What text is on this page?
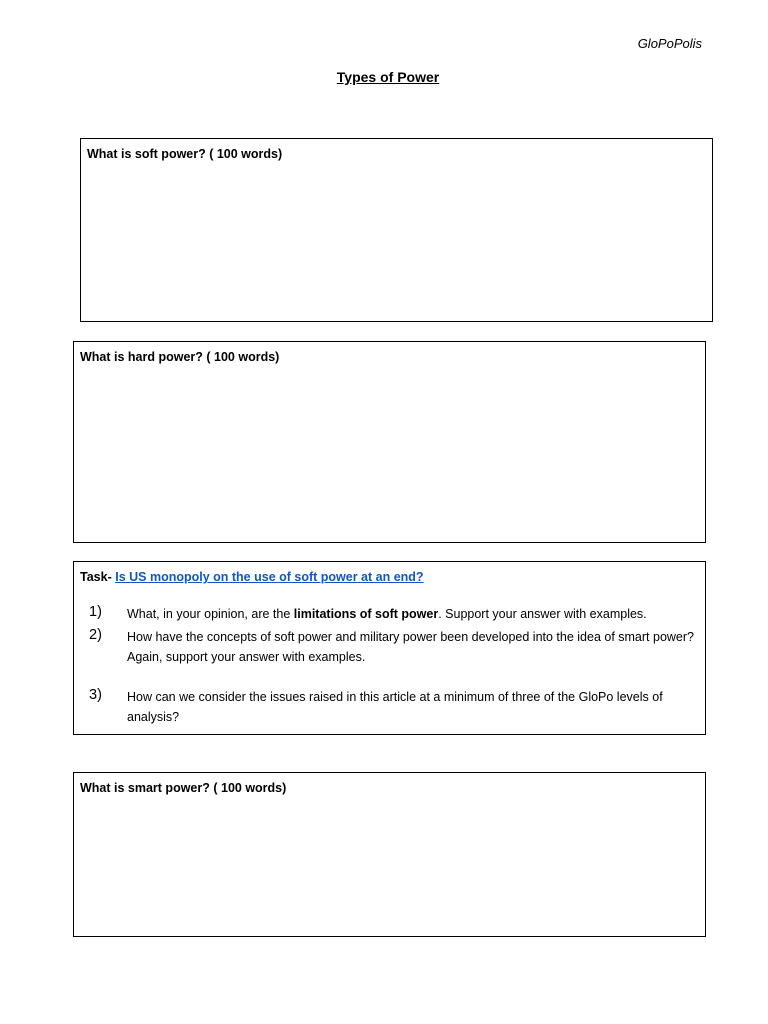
GloPoPolis
Types of Power
What is soft power? ( 100 words)
What is hard power? ( 100 words)
Task- Is US monopoly on the use of soft power at an end?
1) What, in your opinion, are the limitations of soft power. Support your answer with examples.
2) How have the concepts of soft power and military power been developed into the idea of smart power? Again, support your answer with examples.
3) How can we consider the issues raised in this article at a minimum of three of the GloPo levels of analysis?
What is smart power? ( 100 words)
